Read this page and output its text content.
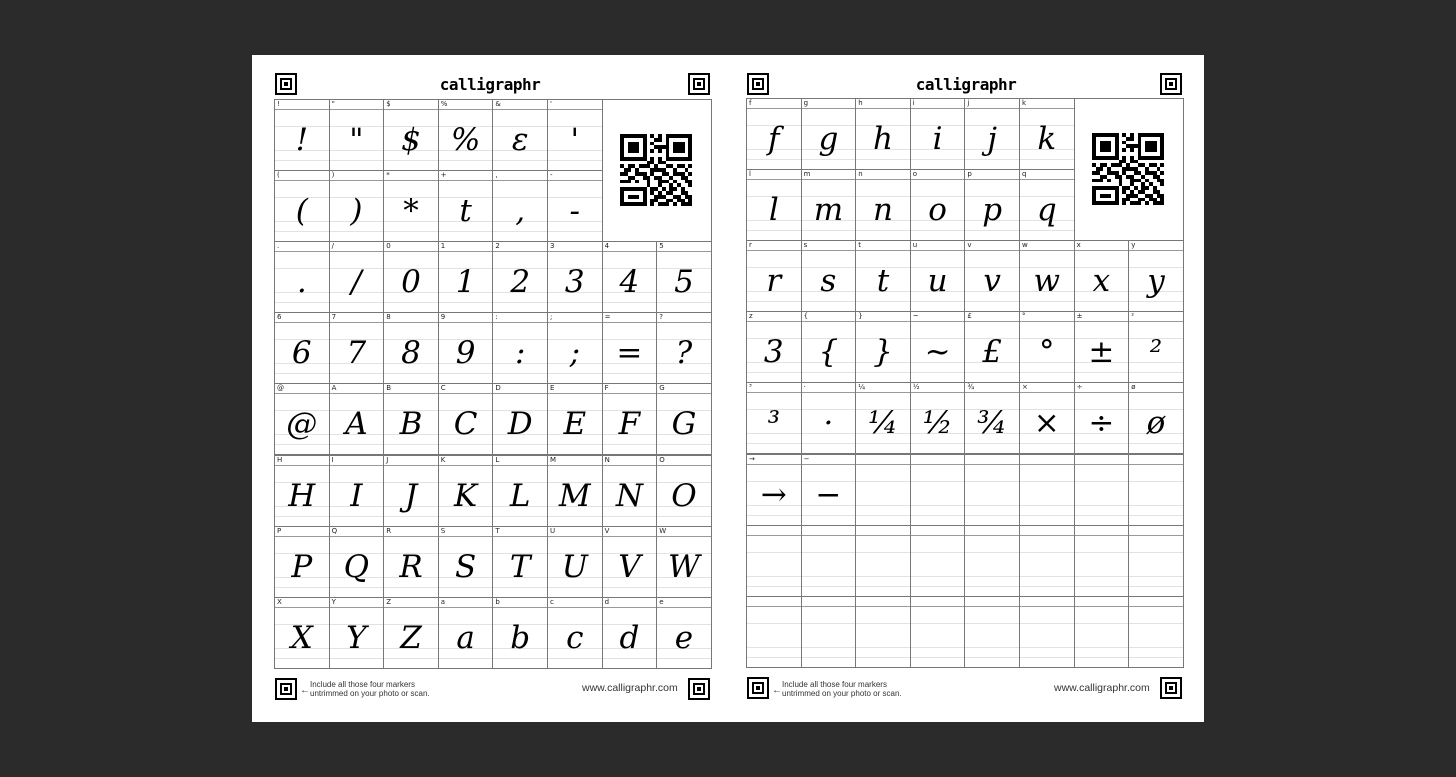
calligraphr
!
!
"
"
$
$
%
%
&
ε
'
'
(
(
)
)
*
*
+
t
,
,
-
-
.
.
/
/
0
0
1
1
2
2
3
3
4
4
5
5
6
6
7
7
8
8
9
9
:
:
;
;
=
=
?
?
@
@
A
A
B
B
C
C
D
D
E
E
F
F
G
G
H
H
I
I
J
J
K
K
L
L
M
M
N
N
O
O
P
P
Q
Q
R
R
S
S
T
T
U
U
V
V
W
W
X
X
Y
Y
Z
Z
a
a
b
b
c
c
d
d
e
e
←
Include all those four markers
untrimmed on your photo or scan.	www.calligraphr.com
calligraphr
f
f
g
g
h
h
i
i
j
j
k
k
l
l
m
m
n
n
o
o
p
p
q
q
r
r
s
s
t
t
u
u
v
v
w
w
x
x
y
y
z
3
{
{
}
}
~
~
£
£
°
°
±
±
²
²
³
³
·
·
¼
¼
½
½
¾
¾
×
×
÷
÷
ø
ø
→
→
−
−
←
Include all those four markers
untrimmed on your photo or scan.	www.calligraphr.com
